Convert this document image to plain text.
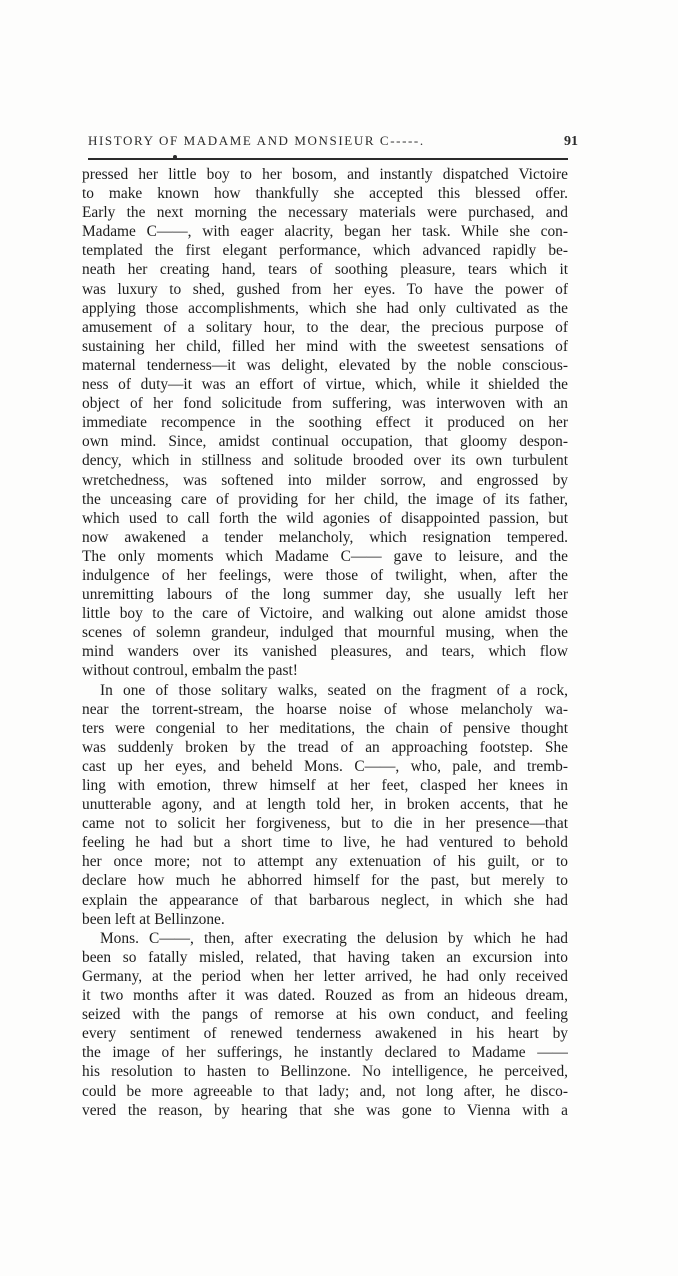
HISTORY OF MADAME AND MONSIEUR C-----.	91
pressed her little boy to her bosom, and instantly dispatched Victoire
to make known how thankfully she accepted this blessed offer.
Early the next morning the necessary materials were purchased, and
Madame C——, with eager alacrity, began her task. While she con-
templated the first elegant performance, which advanced rapidly be-
neath her creating hand, tears of soothing pleasure, tears which it
was luxury to shed, gushed from her eyes. To have the power of
applying those accomplishments, which she had only cultivated as the
amusement of a solitary hour, to the dear, the precious purpose of
sustaining her child, filled her mind with the sweetest sensations of
maternal tenderness—it was delight, elevated by the noble conscious-
ness of duty—it was an effort of virtue, which, while it shielded the
object of her fond solicitude from suffering, was interwoven with an
immediate recompence in the soothing effect it produced on her
own mind. Since, amidst continual occupation, that gloomy despon-
dency, which in stillness and solitude brooded over its own turbulent
wretchedness, was softened into milder sorrow, and engrossed by
the unceasing care of providing for her child, the image of its father,
which used to call forth the wild agonies of disappointed passion, but
now awakened a tender melancholy, which resignation tempered.
The only moments which Madame C—— gave to leisure, and the
indulgence of her feelings, were those of twilight, when, after the
unremitting labours of the long summer day, she usually left her
little boy to the care of Victoire, and walking out alone amidst those
scenes of solemn grandeur, indulged that mournful musing, when the
mind wanders over its vanished pleasures, and tears, which flow
without controul, embalm the past!
In one of those solitary walks, seated on the fragment of a rock,
near the torrent-stream, the hoarse noise of whose melancholy wa-
ters were congenial to her meditations, the chain of pensive thought
was suddenly broken by the tread of an approaching footstep. She
cast up her eyes, and beheld Mons. C——, who, pale, and tremb-
ling with emotion, threw himself at her feet, clasped her knees in
unutterable agony, and at length told her, in broken accents, that he
came not to solicit her forgiveness, but to die in her presence—that
feeling he had but a short time to live, he had ventured to behold
her once more; not to attempt any extenuation of his guilt, or to
declare how much he abhorred himself for the past, but merely to
explain the appearance of that barbarous neglect, in which she had
been left at Bellinzone.
Mons. C——, then, after execrating the delusion by which he had
been so fatally misled, related, that having taken an excursion into
Germany, at the period when her letter arrived, he had only received
it two months after it was dated. Rouzed as from an hideous dream,
seized with the pangs of remorse at his own conduct, and feeling
every sentiment of renewed tenderness awakened in his heart by
the image of her sufferings, he instantly declared to Madame ——
his resolution to hasten to Bellinzone. No intelligence, he perceived,
could be more agreeable to that lady; and, not long after, he disco-
vered the reason, by hearing that she was gone to Vienna with a
